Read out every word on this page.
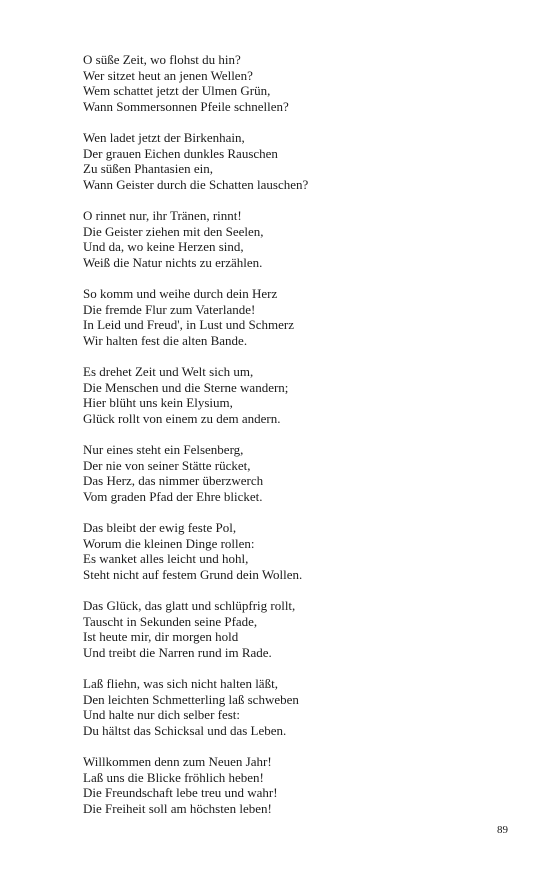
O süße Zeit, wo flohst du hin?
Wer sitzet heut an jenen Wellen?
Wem schattet jetzt der Ulmen Grün,
Wann Sommersonnen Pfeile schnellen?
Wen ladet jetzt der Birkenhain,
Der grauen Eichen dunkles Rauschen
Zu süßen Phantasien ein,
Wann Geister durch die Schatten lauschen?
O rinnet nur, ihr Tränen, rinnt!
Die Geister ziehen mit den Seelen,
Und da, wo keine Herzen sind,
Weiß die Natur nichts zu erzählen.
So komm und weihe durch dein Herz
Die fremde Flur zum Vaterlande!
In Leid und Freud', in Lust und Schmerz
Wir halten fest die alten Bande.
Es drehet Zeit und Welt sich um,
Die Menschen und die Sterne wandern;
Hier blüht uns kein Elysium,
Glück rollt von einem zu dem andern.
Nur eines steht ein Felsenberg,
Der nie von seiner Stätte rücket,
Das Herz, das nimmer überzwerch
Vom graden Pfad der Ehre blicket.
Das bleibt der ewig feste Pol,
Worum die kleinen Dinge rollen:
Es wanket alles leicht und hohl,
Steht nicht auf festem Grund dein Wollen.
Das Glück, das glatt und schlüpfrig rollt,
Tauscht in Sekunden seine Pfade,
Ist heute mir, dir morgen hold
Und treibt die Narren rund im Rade.
Laß fliehn, was sich nicht halten läßt,
Den leichten Schmetterling laß schweben
Und halte nur dich selber fest:
Du hältst das Schicksal und das Leben.
Willkommen denn zum Neuen Jahr!
Laß uns die Blicke fröhlich heben!
Die Freundschaft lebe treu und wahr!
Die Freiheit soll am höchsten leben!
89
